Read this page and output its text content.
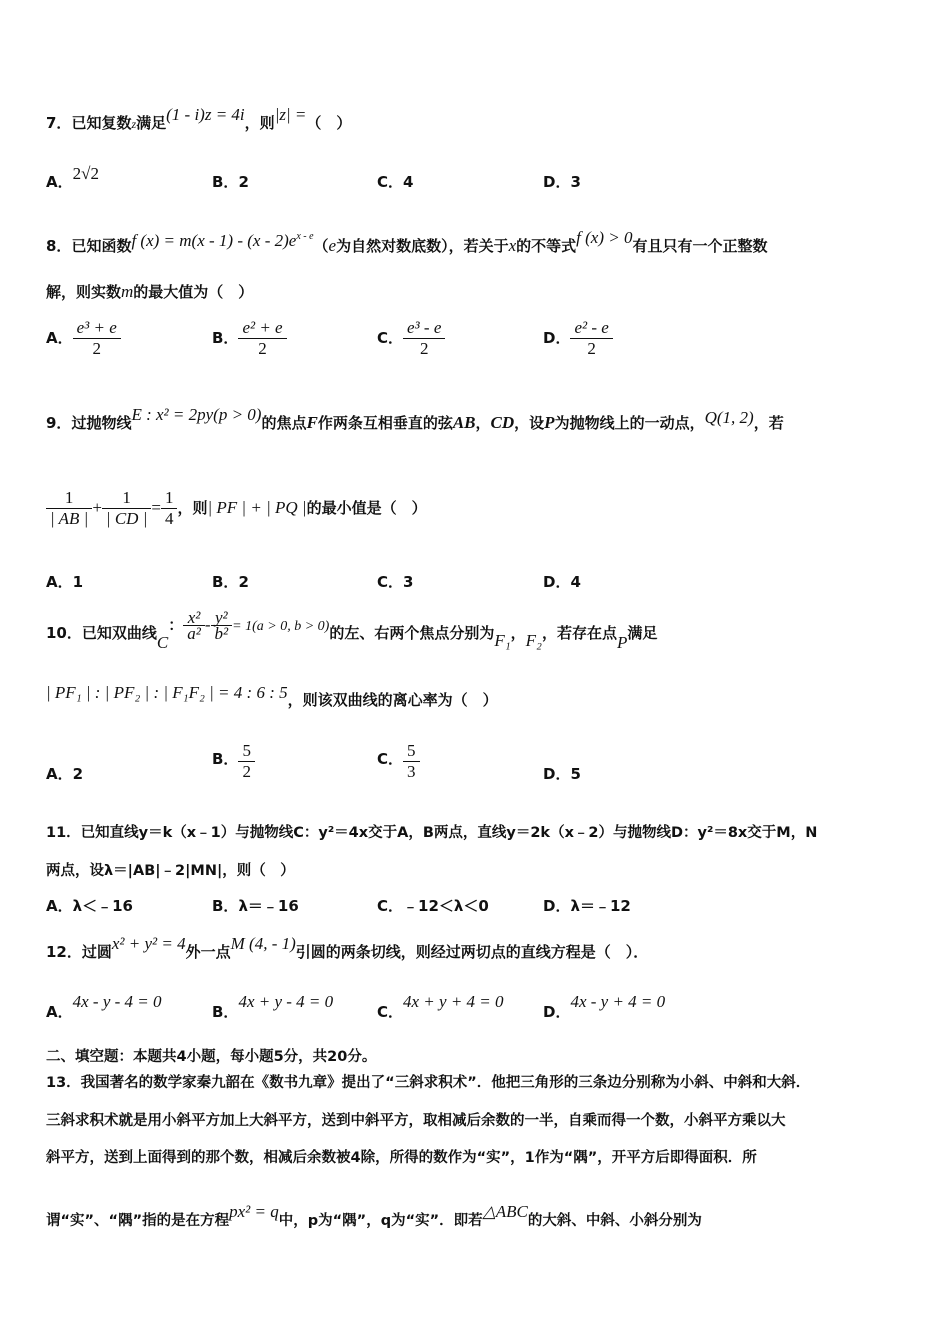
7．已知复数z满足(1 - i)z = 4i，则|z| =（　）
A．2√2	B．2	C．4	D．3
8．已知函数f $(x) = m(x - 1) - (x - 2)e^{x - e}(e$为自然对数底数），若关于x的不等式f (x) > 0有且只有一个正整数
解，则实数m的最大值为（　）
A． $\frac{\text{e³ + e}}{2}$	B． $\frac{\text{e² + e}}{2}$	C． $\frac{\text{e³ - e}}{2}$	D． $\frac{\text{e² - e}}{2}$
9．过抛物线E : x² = 2py(p > 0)的焦点F作两条互相垂直的弦AB，CD，设P为抛物线上的一动点，Q(1, 2)，若
$\frac{1}{| AB |} + \frac{1}{| CD |} = \frac{1}{4}$ ，则| PF | + | PQ |的最小值是（　）
A．1	B．2	C．3	D．4
10．已知双曲线C： $\frac{\text{x²}}{\text{a²}} - \frac{\text{y²}}{\text{b²}} = 1(a > 0$, b > 0)的左、右两个焦点分别为F₁，F₂，若存在点P满足
| PF₁ | : | PF₂ | : | F₁F₂ | = 4 : 6 : 5，则该双曲线的离心率为（　）
A．2
B． $\frac{5}{2}$	C． $\frac{5}{3}$	D．5
11．已知直线y＝k（x﹣1）与抛物线C：y²＝4x交于A，B两点，直线y＝2k（x﹣2）与抛物线D：y²＝8x交于M，N
两点，设λ＝|AB|﹣2|MN|，则（　）
A．λ＜﹣16	B．λ＝﹣16	C．﹣12＜λ＜0	D．λ＝﹣12
12．过圆x² + y² = 4外一点M (4, - 1)引圆的两条切线，则经过两切点的直线方程是（　）．
A．4x - y - 4 = 0
B．4x + y - 4 = 0
C．4x + y + 4 = 0
D．4x - y + 4 = 0
二、填空题：本题共4小题，每小题5分，共20分。
13．我国著名的数学家秦九韶在《数书九章》提出了“三斜求积术”．他把三角形的三条边分别称为小斜、中斜和大斜．
三斜求积术就是用小斜平方加上大斜平方，送到中斜平方，取相减后余数的一半，自乘而得一个数，小斜平方乘以大
斜平方，送到上面得到的那个数，相减后余数被4除，所得的数作为“实”，1作为“隅”，开平方后即得面积．所
谓“实”、“隅”指的是在方程px² = q中，p为“隅”，q为“实”．即若△ABC的大斜、中斜、小斜分别为
